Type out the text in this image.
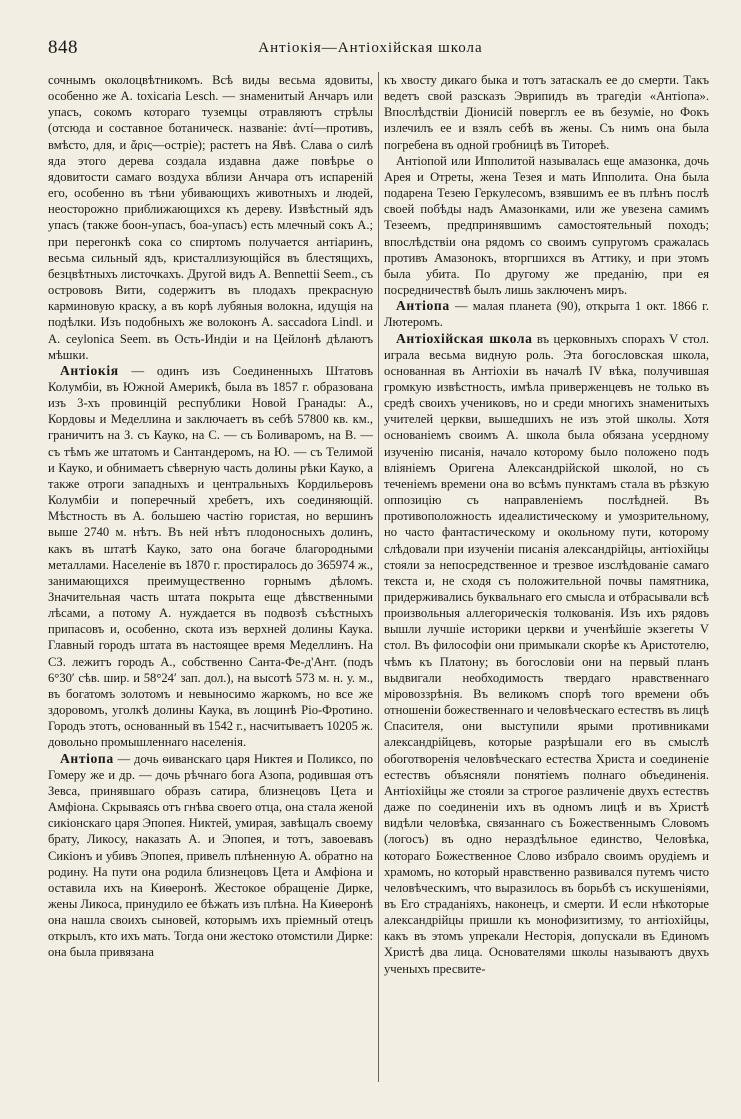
848	Антіокія—Антіохійская школа

сочнымъ околоцвѣтникомъ. Всѣ виды весьма ядовиты, особенно же A. toxicaria Lesch. — знаменитый Анчаръ или упасъ, сокомъ котораго туземцы отравляютъ стрѣлы (отсюда и составное ботаническ. названіе: ἀντί—противъ, вмѣсто, для, и ἄρις—острiе); растетъ на Явѣ. Слава о силѣ яда этого дерева создала издавна даже повѣрье о ядовитости самаго воздуха вблизи Анчара отъ испареній его, особенно въ тѣни убивающихъ животныхъ и людей, неосторожно приближающихся къ дереву. Извѣстный ядъ упасъ (также боон-упасъ, боа-упасъ) есть млечный сокъ А.; при перегонкѣ сока со спиртомъ получается антіаринъ, весьма сильный ядъ, кристаллизующійся въ блестящихъ, безцвѣтныхъ листочкахъ. Другой видъ A. Bennettii Seem., съ острововъ Вити, содержитъ въ плодахъ прекрасную карминовую краску, а въ корѣ лубяныя волокна, идущія на подѣлки. Изъ подобныхъ же волоконъ A. saccadora Lindl. и A. ceylonica Seem. въ Ость-Индіи и на Цейлонѣ дѣлаютъ мѣшки.

Антіокія — одинъ изъ Соединенныхъ Штатовъ Колумбіи, въ Южной Америкѣ, была въ 1857 г. образована изъ 3-хъ провинцій республики Новой Гранады: А., Кордовы и Меделлина и заключаетъ въ себѣ 57800 кв. км., граничитъ на З. съ Кауко, на С. — съ Боливаромъ, на В. — съ тѣмъ же штатомъ и Сантандеромъ, на Ю. — съ Телимой и Кауко, и обнимаетъ сѣверную часть долины рѣки Кауко, а также отроги западныхъ и центральныхъ Кордильеровъ Колумбіи и поперечный хребетъ, ихъ соединяющій. Мѣстность въ А. большею частію гористая, но вершинъ выше 2740 м. нѣтъ. Въ ней нѣтъ плодоносныхъ долинъ, какъ въ штатѣ Кауко, зато она богаче благородными металлами. Населеніе въ 1870 г. простиралось до 365974 ж., занимающихся преимущественно горнымъ дѣломъ. Значительная часть штата покрыта еще дѣвственными лѣсами, а потому А. нуждается въ подвозѣ съѣстныхъ припасовъ и, особенно, скота изъ верхней долины Каука. Главный городъ штата въ настоящее время Меделлинъ. На СЗ. лежитъ городъ А., собственно Санта-Фе-д'Ант. (подъ 6°30′ сѣв. шир. и 58°24′ зап. дол.), на высотѣ 573 м. н. у. м., въ богатомъ золотомъ и невыносимо жаркомъ, но все же здоровомъ, уголкѣ долины Каука, въ лощинѣ Ріо-Фротино. Городъ этотъ, основанный въ 1542 г., насчитываетъ 10205 ж. довольно промышленнаго населенія.

Антіопа — дочь ѳиванскаго царя Никтея и Поликсо, по Гомеру же и др. — дочь рѣчнаго бога Азопа, родившая отъ Зевса, принявшаго образъ сатира, близнецовъ Цета и Амфіона. Скрываясь отъ гнѣва своего отца, она стала женой сикіонскаго царя Эпопея. Никтей, умирая, завѣщалъ своему брату, Ликосу, наказать А. и Эпопея, и тотъ, завоевавъ Сикіонъ и убивъ Эпопея, привелъ плѣненную А. обратно на родину. На пути она родила близнецовъ Цета и Амфіона и оставила ихъ на Киѳеронѣ. Жестокое обращеніе Дирке, жены Ликоса, принудило ее бѣжать изъ плѣна. На Киѳеронѣ она нашла своихъ сыновей, которымъ ихъ пріемный отецъ открылъ, кто ихъ мать. Тогда они жестоко отомстили Дирке: она была привязана

къ хвосту дикаго быка и тотъ затаскалъ ее до смерти. Такъ ведетъ свой разсказъ Эврипидъ въ трагедіи «Антіопа». Впослѣдствіи Діонисій поверглъ ее въ безуміе, но Фокъ излечилъ ее и взялъ себѣ въ жены. Съ нимъ она была погребена въ одной гробницѣ въ Титореѣ.

Антіопой или Ипполитой называлась еще амазонка, дочь Арея и Отреты, жена Тезея и мать Ипполита. Она была подарена Тезею Геркулесомъ, взявшимъ ее въ плѣнъ послѣ своей побѣды надъ Амазонками, или же увезена самимъ Тезеемъ, предпринявшимъ самостоятельный походъ; впослѣдствіи она рядомъ со своимъ супругомъ сражалась противъ Амазонокъ, вторгшихся въ Аттику, и при этомъ была убита. По другому же преданію, при ея посредничествѣ былъ лишь заключенъ миръ.

Антіопа — малая планета (90), открыта 1 окт. 1866 г. Лютеромъ.

Антіохійская школа въ церковныхъ спорахъ V стол. играла весьма видную роль. Эта богословская школа, основанная въ Антіохіи въ началѣ IV вѣка, получившая громкую извѣстность, имѣла приверженцевъ не только въ средѣ своихъ учениковъ, но и среди многихъ знаменитыхъ учителей церкви, вышедшихъ не изъ этой школы. Хотя основаніемъ своимъ А. школа была обязана усердному изученію писанія, начало которому было положено подъ вліяніемъ Оригена Александрійской школой, но съ теченіемъ времени она во всѣмъ пунктамъ стала въ рѣзкую оппозицію съ направленіемъ послѣдней. Въ противоположность идеалистическому и умозрительному, но часто фантастическому и окольному пути, которому слѣдовали при изученіи писанія александрійцы, антіохійцы стояли за непосредственное и трезвое изслѣдованіе самаго текста и, не сходя съ положительной почвы памятника, придерживались буквальнаго его смысла и отбрасывали всѣ произвольныя аллегорическія толкованія. Изъ ихъ рядовъ вышли лучшіе историки церкви и ученѣйшіе экзегеты V стол. Въ философіи они примыкали скорѣе къ Аристотелю, чѣмъ къ Платону; въ богословіи они на первый планъ выдвигали необходимость твердаго нравственнаго міровоззрѣнія. Въ великомъ спорѣ того времени объ отношеніи божественнаго и человѣческаго естествъ въ лицѣ Спасителя, они выступили ярыми противниками александрійцевъ, которые разрѣшали его въ смыслѣ обоготворенія человѣческаго естества Христа и соединеніе естествъ объясняли понятіемъ полнаго объединенія. Антіохійцы же стояли за строгое различеніе двухъ естествъ даже по соединеніи ихъ въ одномъ лицѣ и въ Христѣ видѣли человѣка, связаннаго съ Божественнымъ Словомъ (логосъ) въ одно нераздѣльное единство, Человѣка, котораго Божественное Слово избрало своимъ орудіемъ и храмомъ, но который нравственно развивался путемъ чисто человѣческимъ, что выразилось въ борьбѣ съ искушеніями, въ Его страданіяхъ, наконецъ, и смерти. И если нѣкоторые александрійцы пришли къ монофизитизму, то антіохійцы, какъ въ этомъ упрекали Несторія, допускали въ Единомъ Христѣ два лица. Основателями школы называютъ двухъ ученыхъ пресвите-
